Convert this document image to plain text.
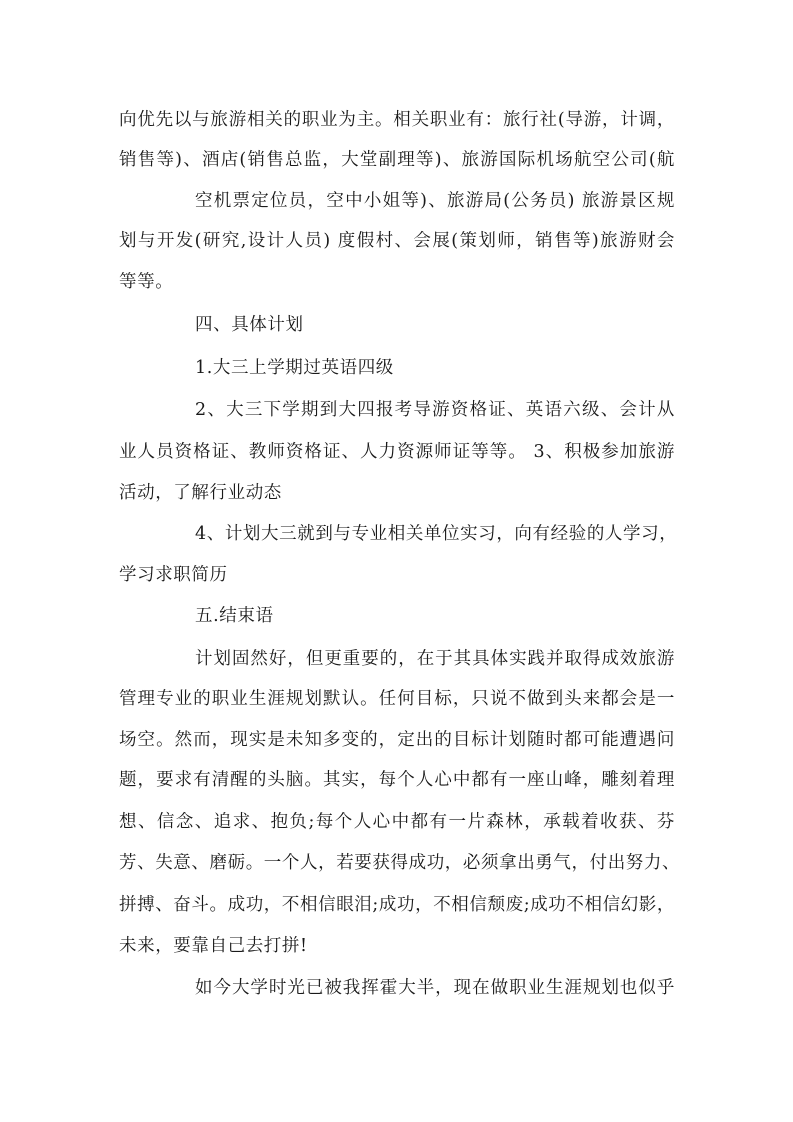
向优先以与旅游相关的职业为主。相关职业有：旅行社(导游，计调，
销售等)、酒店(销售总监，大堂副理等)、旅游国际机场航空公司(航
空机票定位员，空中小姐等)、旅游局(公务员) 旅游景区规
划与开发(研究,设计人员) 度假村、会展(策划师，销售等)旅游财会
等等。
四、具体计划
1.大三上学期过英语四级
2、大三下学期到大四报考导游资格证、英语六级、会计从
业人员资格证、教师资格证、人力资源师证等等。 3、积极参加旅游
活动，了解行业动态
4、计划大三就到与专业相关单位实习，向有经验的人学习，
学习求职简历
五.结束语
计划固然好，但更重要的，在于其具体实践并取得成效旅游
管理专业的职业生涯规划默认。任何目标，只说不做到头来都会是一
场空。然而，现实是未知多变的，定出的目标计划随时都可能遭遇问
题，要求有清醒的头脑。其实，每个人心中都有一座山峰，雕刻着理
想、信念、追求、抱负;每个人心中都有一片森林，承载着收获、芬
芳、失意、磨砺。一个人，若要获得成功，必须拿出勇气，付出努力、
拼搏、奋斗。成功，不相信眼泪;成功，不相信颓废;成功不相信幻影，
未来，要靠自己去打拼!
如今大学时光已被我挥霍大半，现在做职业生涯规划也似乎
